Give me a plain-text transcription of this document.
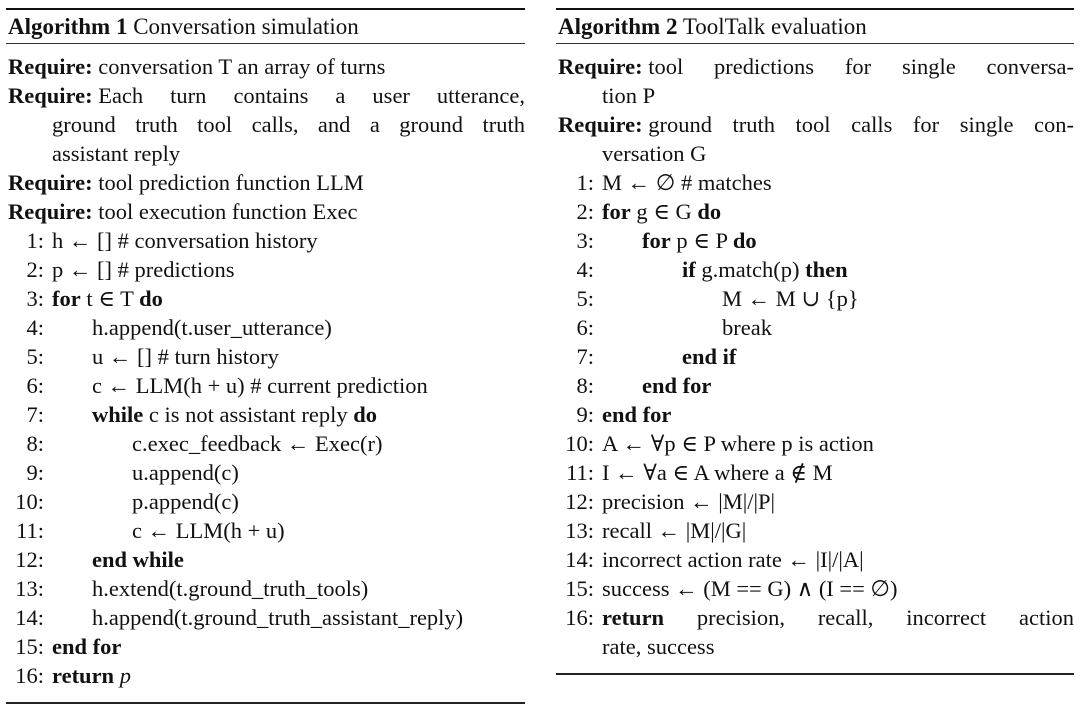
Algorithm 1 Conversation simulation
Require: conversation T an array of turns
Require: Each turn contains a user utterance,
ground truth tool calls, and a ground truth
assistant reply
Require: tool prediction function LLM
Require: tool execution function Exec
1: h ← [] # conversation history
2: p ← [] # predictions
3: for t ∈ T do
4: h.append(t.user_utterance)
5: u ← [] # turn history
6: c ← LLM(h + u) # current prediction
7: while c is not assistant reply do
8:	c.exec_feedback ← Exec(r)
9:	u.append(c)
10:	p.append(c)
11:	c ← LLM(h + u)
12: end while
13: h.extend(t.ground_truth_tools)
14: h.append(t.ground_truth_assistant_reply)
15: end for
16: return p
Algorithm 2 ToolTalk evaluation
Require: tool predictions for single conversa-
tion P
Require: ground truth tool calls for single con-
versation G
1: M ← ∅ # matches
2: for g ∈ G do
3: for p ∈ P do
4:	if g.match(p) then
5:	M ← M ∪ {p}
6:	break
7:	end if
8: end for
9: end for
10: A ← ∀p ∈ P where p is action
11: I ← ∀a ∈ A where a ∉ M
12: precision ← |M|/|P|
13: recall ← |M|/|G|
14: incorrect action rate ← |I|/|A|
15: success ← (M == G) ∧ (I == ∅)
16: return precision, recall, incorrect action
rate, success
